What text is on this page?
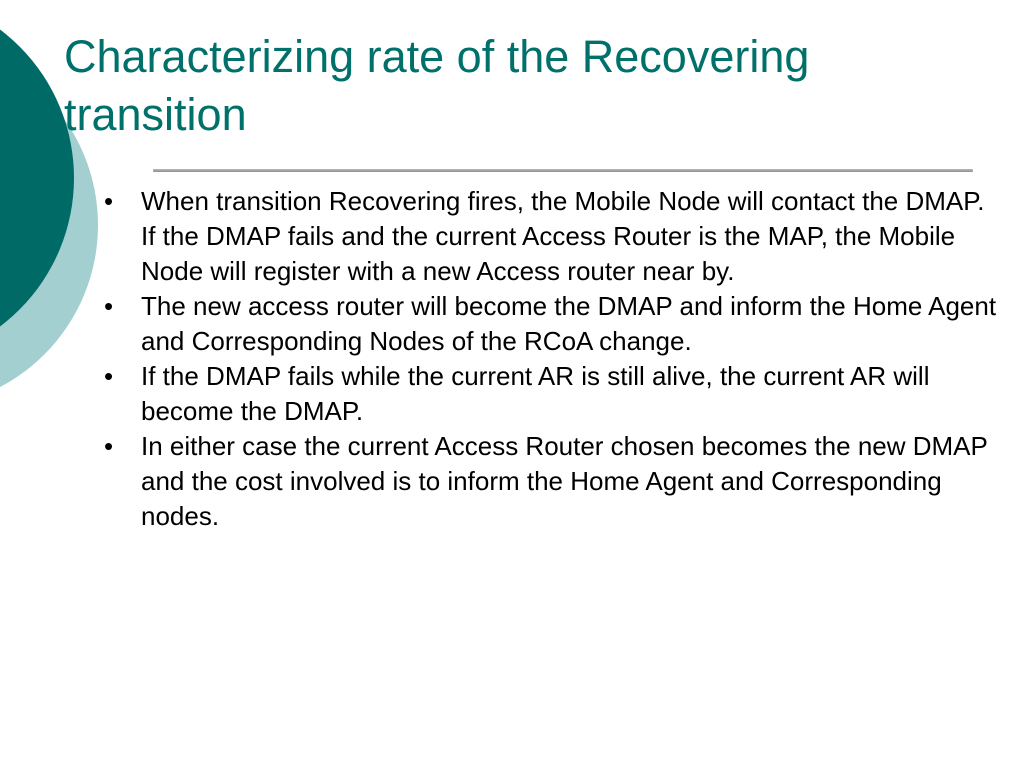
Characterizing rate of the Recovering transition
• When transition Recovering fires, the Mobile Node will contact the DMAP. If the DMAP fails and the current Access Router is the MAP, the Mobile Node will register with a new Access router near by.
• The new access router will become the DMAP and inform the Home Agent and Corresponding Nodes of the RCoA change.
• If the DMAP fails while the current AR is still alive, the current AR will become the DMAP.
• In either case the current Access Router chosen becomes the new DMAP and the cost involved is to inform the Home Agent and Corresponding nodes.
